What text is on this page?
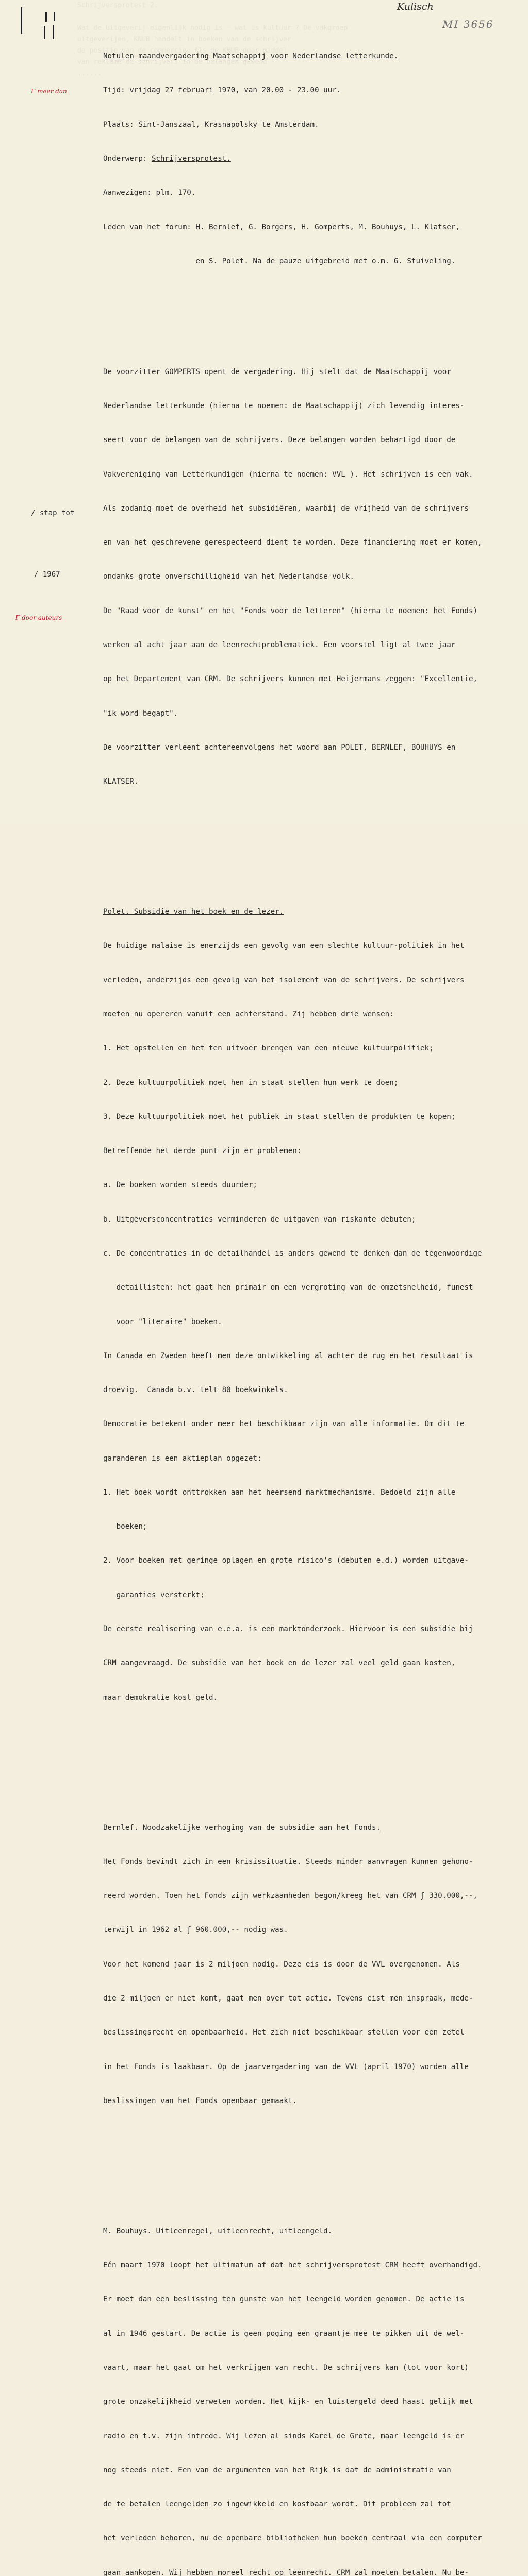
Schrijversprotest 2.

Wat de uitgeverij eigenlijk nodig is — wat is kultuur ? De vakgroep
uitgeverijen, KNUB handelt in boeken van de schrijver
de positie van de commercie. Als de KNUB door middel
van reklame de schrijvers in de belangen gewend
......

Kulisch
MI 3656
Γ meer dan
/ stap tot
/ 1967
Γ door auteurs

Notulen maandvergadering Maatschappij voor Nederlandse letterkunde.

Tijd: vrijdag 27 februari 1970, van 20.00 - 23.00 uur.

Plaats: Sint-Janszaal, Krasnapolsky te Amsterdam.

Onderwerp: Schrijversprotest.

Aanwezigen: plm. 170.

Leden van het forum: H. Bernlef, G. Borgers, H. Gomperts, M. Bouhuys, L. Klatser,

en S. Polet. Na de pauze uitgebreid met o.m. G. Stuiveling.

De voorzitter GOMPERTS opent de vergadering. Hij stelt dat de Maatschappij voor

Nederlandse letterkunde (hierna te noemen: de Maatschappij) zich levendig interes-

seert voor de belangen van de schrijvers. Deze belangen worden behartigd door de

Vakvereniging van Letterkundigen (hierna te noemen: VVL ). Het schrijven is een vak.

Als zodanig moet de overheid het subsidiëren, waarbij de vrijheid van de schrijvers

en van het geschrevene gerespecteerd dient te worden. Deze financiering moet er komen,

ondanks grote onverschilligheid van het Nederlandse volk.

De "Raad voor de kunst" en het "Fonds voor de letteren" (hierna te noemen: het Fonds)

werken al acht jaar aan de leenrechtproblematiek. Een voorstel ligt al twee jaar

op het Departement van CRM. De schrijvers kunnen met Heijermans zeggen: "Excellentie,

"ik word begapt".

De voorzitter verleent achtereenvolgens het woord aan POLET, BERNLEF, BOUHUYS en

KLATSER.

Polet. Subsidie van het boek en de lezer.

De huidige malaise is enerzijds een gevolg van een slechte kultuur-politiek in het

verleden, anderzijds een gevolg van het isolement van de schrijvers. De schrijvers

moeten nu opereren vanuit een achterstand. Zij hebben drie wensen:

1. Het opstellen en het ten uitvoer brengen van een nieuwe kultuurpolitiek;

2. Deze kultuurpolitiek moet hen in staat stellen hun werk te doen;

3. Deze kultuurpolitiek moet het publiek in staat stellen de produkten te kopen;

Betreffende het derde punt zijn er problemen:

a. De boeken worden steeds duurder;

b. Uitgeversconcentraties verminderen de uitgaven van riskante debuten;

c. De concentraties in de detailhandel is anders gewend te denken dan de tegenwoordige

detaillisten: het gaat hen primair om een vergroting van de omzetsnelheid, funest

voor "literaire" boeken.

In Canada en Zweden heeft men deze ontwikkeling al achter de rug en het resultaat is

droevig.  Canada b.v. telt 80 boekwinkels.

Democratie betekent onder meer het beschikbaar zijn van alle informatie. Om dit te

garanderen is een aktieplan opgezet:

1. Het boek wordt onttrokken aan het heersend marktmechanisme. Bedoeld zijn alle

boeken;

2. Voor boeken met geringe oplagen en grote risico's (debuten e.d.) worden uitgave-

garanties versterkt;

De eerste realisering van e.e.a. is een marktonderzoek. Hiervoor is een subsidie bij

CRM aangevraagd. De subsidie van het boek en de lezer zal veel geld gaan kosten,

maar demokratie kost geld.

Bernlef. Noodzakelijke verhoging van de subsidie aan het Fonds.

Het Fonds bevindt zich in een krisissituatie. Steeds minder aanvragen kunnen gehono-

reerd worden. Toen het Fonds zijn werkzaamheden begon/kreeg het van CRM ƒ 330.000,--,

terwijl in 1962 al ƒ 960.000,-- nodig was.

Voor het komend jaar is 2 miljoen nodig. Deze eis is door de VVL overgenomen. Als

die 2 miljoen er niet komt, gaat men over tot actie. Tevens eist men inspraak, mede-

beslissingsrecht en openbaarheid. Het zich niet beschikbaar stellen voor een zetel

in het Fonds is laakbaar. Op de jaarvergadering van de VVL (april 1970) worden alle

beslissingen van het Fonds openbaar gemaakt.

M. Bouhuys. Uitleenregel, uitleenrecht, uitleengeld.

Eén maart 1970 loopt het ultimatum af dat het schrijversprotest CRM heeft overhandigd.

Er moet dan een beslissing ten gunste van het leengeld worden genomen. De actie is

al in 1946 gestart. De actie is geen poging een graantje mee te pikken uit de wel-

vaart, maar het gaat om het verkrijgen van recht. De schrijvers kan (tot voor kort)

grote onzakelijkheid verweten worden. Het kijk- en luistergeld deed haast gelijk met

radio en t.v. zijn intrede. Wij lezen al sinds Karel de Grote, maar leengeld is er

nog steeds niet. Een van de argumenten van het Rijk is dat de administratie van

de te betalen leengelden zo ingewikkeld en kostbaar wordt. Dit probleem zal tot

het verleden behoren, nu de openbare bibliotheken hun boeken centraal via een computer

gaan aankopen. Wij hebben moreel recht op leenrecht. CRM zal moeten betalen. Nu be-
